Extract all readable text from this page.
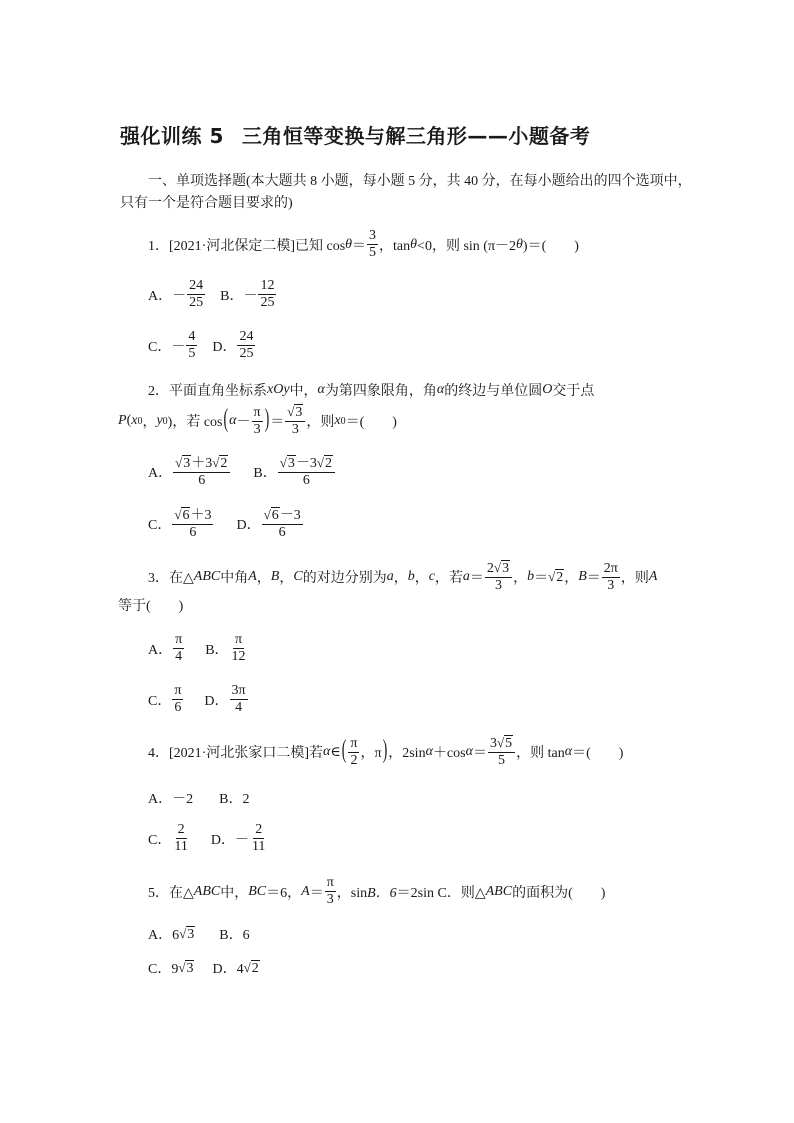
强化训练 5 三角恒等变换与解三角形——小题备考
一、单项选择题(本大题共 8 小题，每小题 5 分，共 40 分，在每小题给出的四个选项中，
只有一个是符合题目要求的)
1．[2021·河北保定二模]已知 $\cos \theta = \frac{3}{5}$ ，tan θ <0，则 sin (π－2 θ )＝(　　)
A．－ $\frac{24}{25}$ B．－ $\frac{12}{25}$
C．－ $\frac{4}{5}$ D． $\frac{24}{25}$
2．平面直角坐标系 xOy 中， α 为第四象限角，角 α 的终边与单位圆 O 交于点
P ( x 0 ， y 0 )，若 cos ( $\alpha - \frac{\pi}{3}$ ) ＝ $\frac{√ 3}{3}$ ，则 x 0 ＝(　　)
A． $\frac{√ 3 +3 √ 2}{6}$ B． $\frac{√ 3 -3 √ 2}{6}$
C． $\frac{√ 6 +3}{6}$ D． $\frac{√ 6 -3}{6}$
3．在△ ABC 中角 A ， B ， C 的对边分别为 a ， b ， c ，若 $a = \frac{2 √ 3}{3}$ ， b ＝ √ 2 ， $B = \frac{2\pi}{3}$ ，则 A
等于(　　)
A． $\frac{\pi}{4}$ B． $\frac{\pi}{12}$
C． $\frac{\pi}{6}$ D． $\frac{3\pi}{4}$
4．[2021·河北张家口二模]若 α ∈ ( $\frac{\pi}{2}$ ，π ) ，2sin α ＋cos $\alpha = \frac{3 √ 5}{5}$ ，则 tan α ＝(　　)
A．－2 B．2
C． $\frac{2}{11}$ D．－ $\frac{2}{11}$
5．在△ ABC 中， BC ＝6， $A = \frac{\pi}{3}$ ，sin B．6 ＝2sin C．则△ ABC 的面积为(　　)
A．6 √ 3 B．6
C．9 √ 3 D．4 √ 2
